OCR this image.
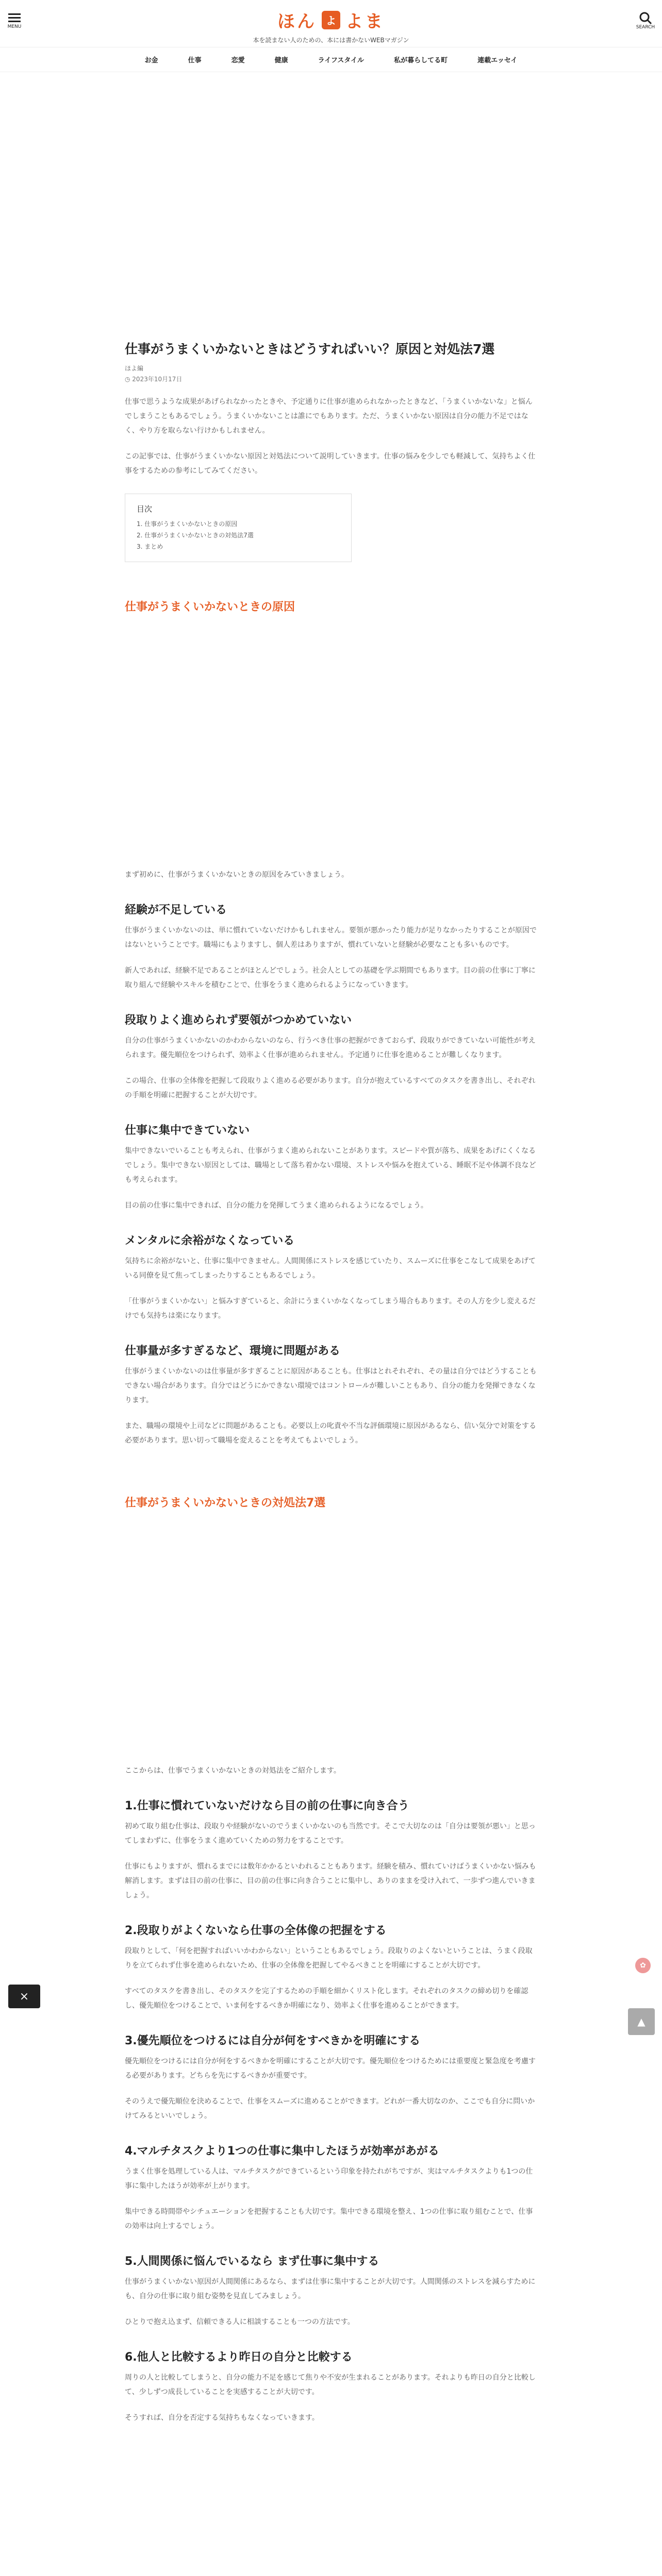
MENU	ほん よ よま
本を読まない人のための、本には書かないWEBマガジン
SEARCH
お金	仕事	恋愛	健康	ライフスタイル	私が暮らしてる町	連載エッセイ
仕事がうまくいかないときはどうすればいい？原因と対処法7選
ほよ編
◷ 2023年10月17日

仕事で思うような成果があげられなかったときや、予定通りに仕事が進められなかったときなど、「うまくいかないな」と悩んでしまうこともあるでしょう。うまくいかないことは誰にでもあります。ただ、うまくいかない原因は自分の能力不足ではなく、やり方を取らない行けかもしれません。

この記事では、仕事がうまくいかない原因と対処法について説明していきます。仕事の悩みを少しでも軽減して、気持ちよく仕事をするための参考にしてみてください。

目次
1. 仕事がうまくいかないときの原因
2. 仕事がうまくいかないときの対処法7選
3. まとめ
仕事がうまくいかないときの原因

まず初めに、仕事がうまくいかないときの原因をみていきましょう。

経験が不足している

仕事がうまくいかないのは、単に慣れていないだけかもしれません。要領が悪かったり能力が足りなかったりすることが原因ではないということです。職場にもよりますし、個人差はありますが、慣れていないと経験が必要なことも多いものです。

新人であれば、経験不足であることがほとんどでしょう。社会人としての基礎を学ぶ期間でもあります。目の前の仕事に丁寧に取り組んで経験やスキルを積むことで、仕事をうまく進められるようになっていきます。

段取りよく進められず要領がつかめていない

自分の仕事がうまくいかないのかわからないのなら、行うべき仕事の把握ができておらず、段取りができていない可能性が考えられます。優先順位をつけられず、効率よく仕事が進められません。予定通りに仕事を進めることが難しくなります。

この場合、仕事の全体像を把握して段取りよく進める必要があります。自分が抱えているすべてのタスクを書き出し、それぞれの手順を明確に把握することが大切です。

仕事に集中できていない

集中できないでいることも考えられ、仕事がうまく進められないことがあります。スピードや質が落ち、成果をあげにくくなるでしょう。集中できない原因としては、職場として落ち着かない環境、ストレスや悩みを抱えている、睡眠不足や体調不良なども考えられます。

目の前の仕事に集中できれば、自分の能力を発揮してうまく進められるようになるでしょう。

メンタルに余裕がなくなっている

気持ちに余裕がないと、仕事に集中できません。人間関係にストレスを感じていたり、スムーズに仕事をこなして成果をあげている同僚を見て焦ってしまったりすることもあるでしょう。

「仕事がうまくいかない」と悩みすぎていると、余計にうまくいかなくなってしまう場合もあります。その人方を少し変えるだけでも気持ちは楽になります。

仕事量が多すぎるなど、環境に問題がある

仕事がうまくいかないのは仕事量が多すぎることに原因があることも。仕事はとれそれぞれ、その量は自分ではどうすることもできない場合があります。自分ではどうにかできない環境ではコントロールが難しいこともあり、自分の能力を発揮できなくなります。

また、職場の環境や上司などに問題があることも。必要以上の叱責や不当な評価環境に原因があるなら、信い気分で対策をする必要があります。思い切って職場を変えることを考えてもよいでしょう。

仕事がうまくいかないときの対処法7選

ここからは、仕事でうまくいかないときの対処法をご紹介します。

1.仕事に慣れていないだけなら目の前の仕事に向き合う

初めて取り組む仕事は、段取りや経験がないのでうまくいかないのも当然です。そこで大切なのは「自分は要領が悪い」と思ってしまわずに、仕事をうまく進めていくための努力をすることです。

仕事にもよりますが、慣れるまでには数年かかるといわれることもあります。経験を積み、慣れていけばうまくいかない悩みも解消します。まずは目の前の仕事に、目の前の仕事に向き合うことに集中し、ありのままを受け入れて、一歩ずつ進んでいきましょう。

2.段取りがよくないなら仕事の全体像の把握をする

段取りとして、「何を把握すればいいかわからない」ということもあるでしょう。段取りのよくないということは、うまく段取りを立てられず仕事を進められないため、仕事の全体像を把握してやるべきことを明確にすることが大切です。

すべてのタスクを書き出し、そのタスクを完了するための手順を細かくリスト化します。それぞれのタスクの締め切りを確認し、優先順位をつけることで、いま何をするべきか明確になり、効率よく仕事を進めることができます。

3.優先順位をつけるには自分が何をすべきかを明確にする

優先順位をつけるには自分が何をするべきかを明確にすることが大切です。優先順位をつけるためには重要度と緊急度を考慮する必要があります。どちらを先にするべきかが重要です。

そのうえで優先順位を決めることで、仕事をスムーズに進めることができます。どれが一番大切なのか、ここでも自分に問いかけてみるといいでしょう。

4.マルチタスクより1つの仕事に集中したほうが効率があがる

うまく仕事を処理している人は、マルチタスクができているという印象を持たれがちですが、実はマルチタスクよりも1つの仕事に集中したほうが効率が上がります。

集中できる時間帯やシチュエーションを把握することも大切です。集中できる環境を整え、1つの仕事に取り組むことで、仕事の効率は向上するでしょう。

5.人間関係に悩んでいるなら まず仕事に集中する

仕事がうまくいかない原因が人間関係にあるなら、まずは仕事に集中することが大切です。人間関係のストレスを減らすためにも、自分の仕事に取り組む姿勢を見直してみましょう。

ひとりで抱え込まず、信頼できる人に相談することも一つの方法です。

6.他人と比較するより昨日の自分と比較する

周りの人と比較してしまうと、自分の能力不足を感じて焦りや不安が生まれることがあります。それよりも昨日の自分と比較して、少しずつ成長していることを実感することが大切です。

そうすれば、自分を否定する気持ちもなくなっていきます。

✿
×
▲
